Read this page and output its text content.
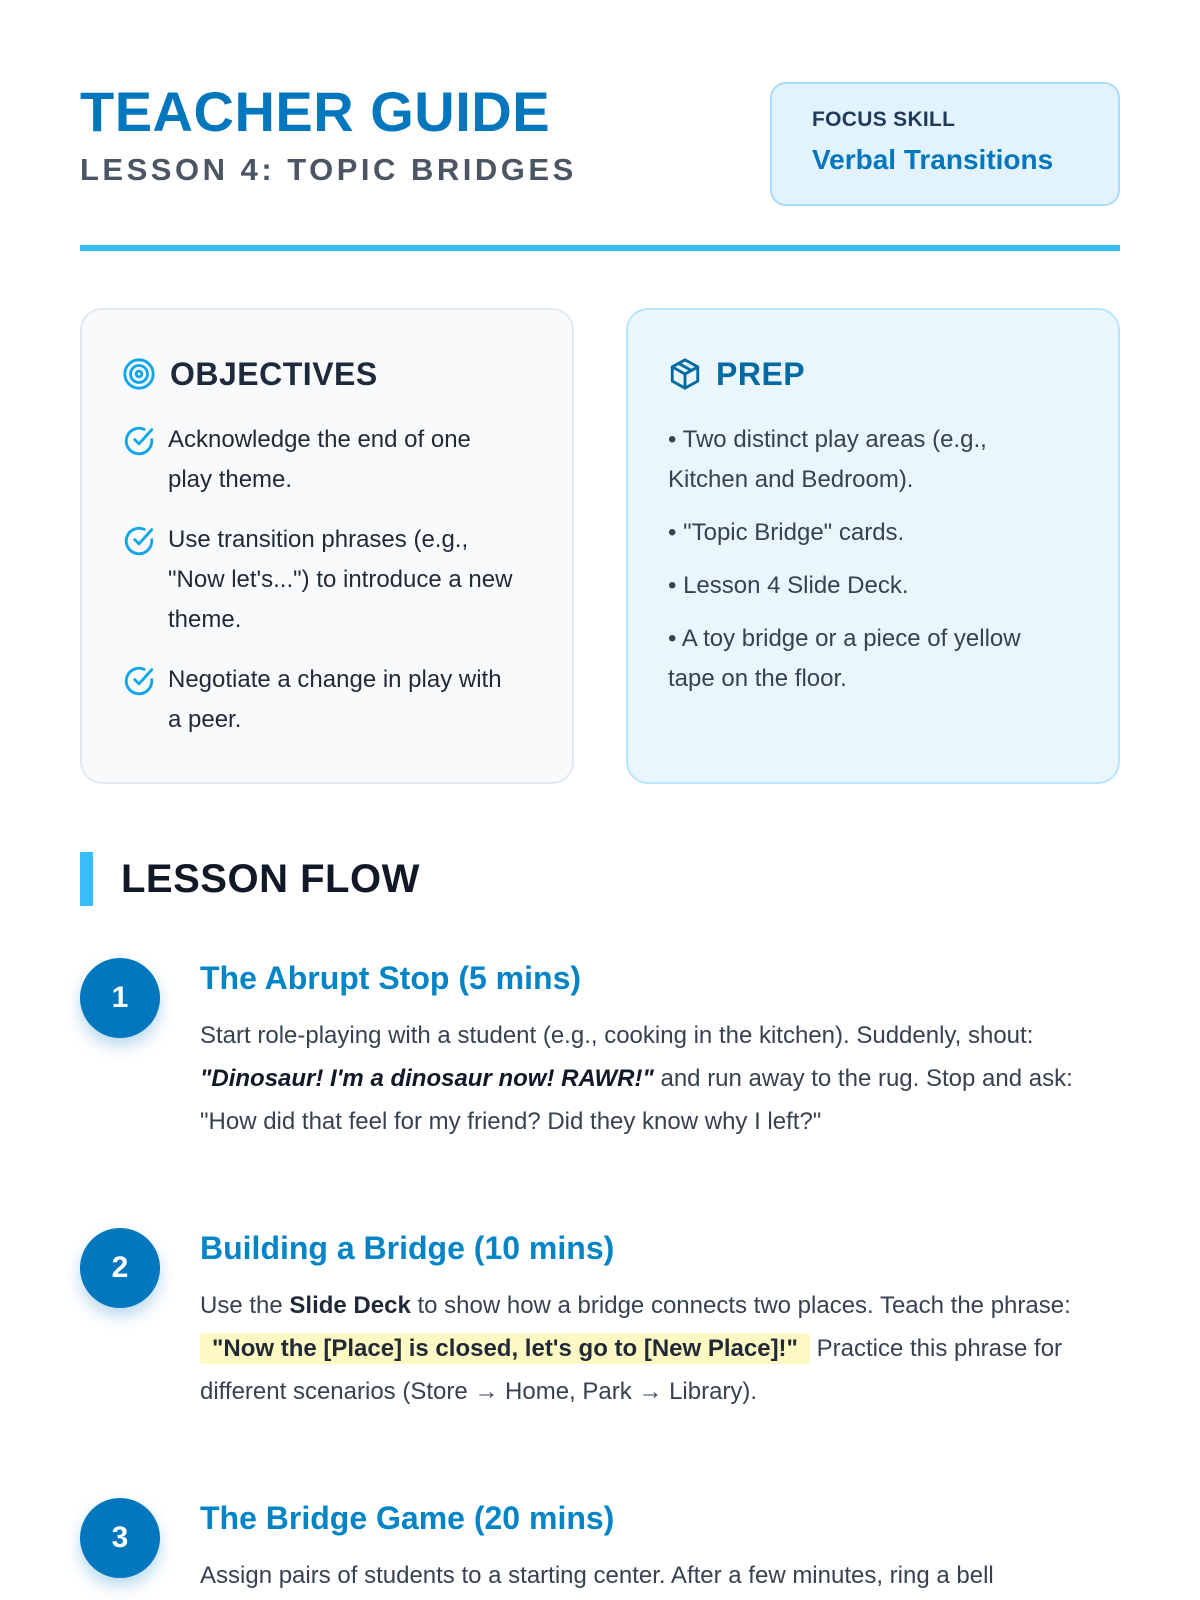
TEACHER GUIDE
LESSON 4: TOPIC BRIDGES
FOCUS SKILL
Verbal Transitions
OBJECTIVES
Acknowledge the end of one play theme.
Use transition phrases (e.g., "Now let's...") to introduce a new theme.
Negotiate a change in play with a peer.
PREP
• Two distinct play areas (e.g., Kitchen and Bedroom).
• "Topic Bridge" cards.
• Lesson 4 Slide Deck.
• A toy bridge or a piece of yellow tape on the floor.
LESSON FLOW
1
The Abrupt Stop (5 mins)
Start role-playing with a student (e.g., cooking in the kitchen). Suddenly, shout: "Dinosaur! I'm a dinosaur now! RAWR!" and run away to the rug. Stop and ask: "How did that feel for my friend? Did they know why I left?"
2
Building a Bridge (10 mins)
Use the Slide Deck to show how a bridge connects two places. Teach the phrase: "Now the [Place] is closed, let's go to [New Place]!" Practice this phrase for different scenarios (Store → Home, Park → Library).
3
The Bridge Game (20 mins)
Assign pairs of students to a starting center. After a few minutes, ring a bell
